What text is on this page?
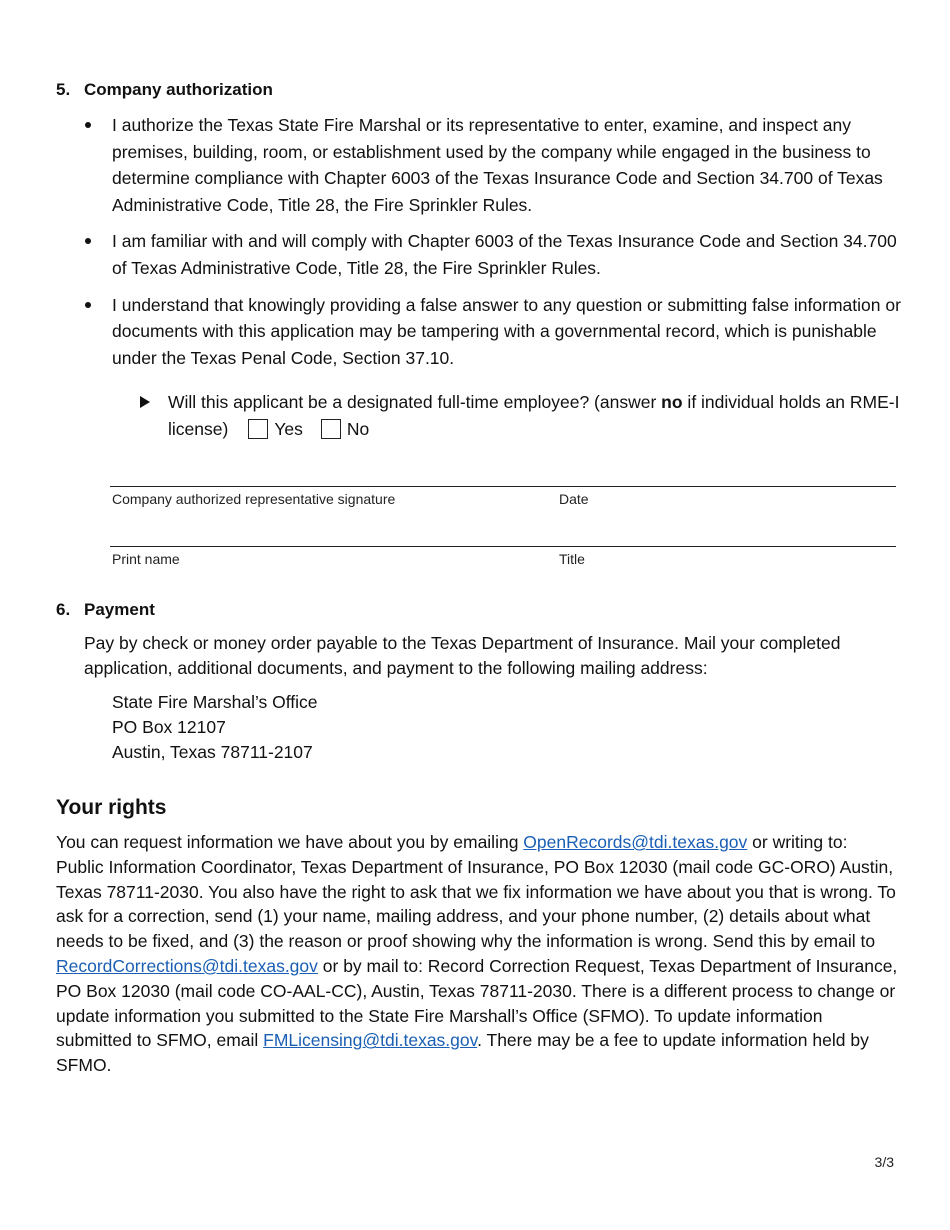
5. Company authorization
I authorize the Texas State Fire Marshal or its representative to enter, examine, and inspect any premises, building, room, or establishment used by the company while engaged in the business to determine compliance with Chapter 6003 of the Texas Insurance Code and Section 34.700 of Texas Administrative Code, Title 28, the Fire Sprinkler Rules.
I am familiar with and will comply with Chapter 6003 of the Texas Insurance Code and Section 34.700 of Texas Administrative Code, Title 28, the Fire Sprinkler Rules.
I understand that knowingly providing a false answer to any question or submitting false information or documents with this application may be tampering with a governmental record, which is punishable under the Texas Penal Code, Section 37.10.
Will this applicant be a designated full-time employee? (answer no if individual holds an RME-I license)	Yes	No
Company authorized representative signature	Date
Print name	Title
6. Payment
Pay by check or money order payable to the Texas Department of Insurance. Mail your completed application, additional documents, and payment to the following mailing address:
State Fire Marshal’s Office
PO Box 12107
Austin, Texas 78711-2107
Your rights
You can request information we have about you by emailing OpenRecords@tdi.texas.gov or writing to: Public Information Coordinator, Texas Department of Insurance, PO Box 12030 (mail code GC-ORO) Austin, Texas 78711-2030. You also have the right to ask that we fix information we have about you that is wrong. To ask for a correction, send (1) your name, mailing address, and your phone number, (2) details about what needs to be fixed, and (3) the reason or proof showing why the information is wrong. Send this by email to RecordCorrections@tdi.texas.gov or by mail to: Record Correction Request, Texas Department of Insurance, PO Box 12030 (mail code CO-AAL-CC), Austin, Texas 78711-2030. There is a different process to change or update information you submitted to the State Fire Marshall’s Office (SFMO). To update information submitted to SFMO, email FMLicensing@tdi.texas.gov. There may be a fee to update information held by SFMO.
3/3
